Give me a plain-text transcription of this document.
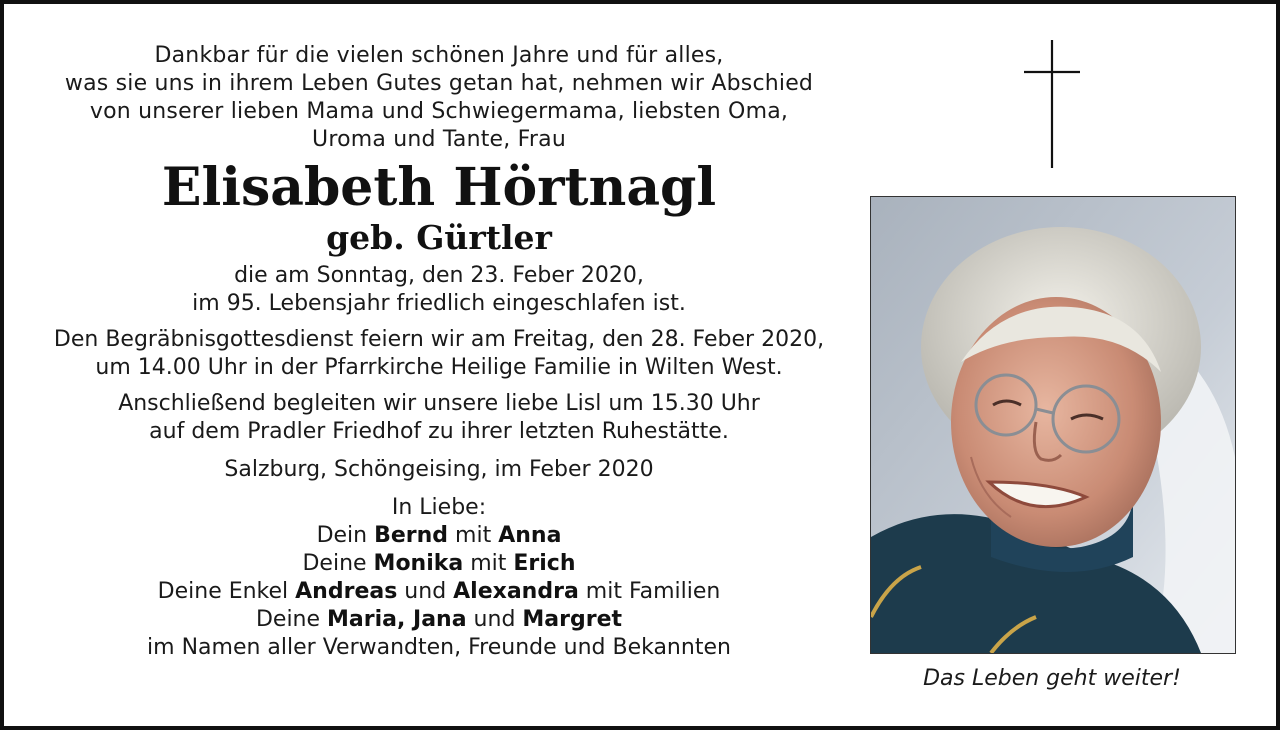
Dankbar für die vielen schönen Jahre und für alles,
was sie uns in ihrem Leben Gutes getan hat, nehmen wir Abschied
von unserer lieben Mama und Schwiegermama, liebsten Oma,
Uroma und Tante, Frau
Elisabeth Hörtnagl
geb. Gürtler
die am Sonntag, den 23. Feber 2020,
im 95. Lebensjahr friedlich eingeschlafen ist.
Den Begräbnisgottesdienst feiern wir am Freitag, den 28. Feber 2020,
um 14.00 Uhr in der Pfarrkirche Heilige Familie in Wilten West.
Anschließend begleiten wir unsere liebe Lisl um 15.30 Uhr
auf dem Pradler Friedhof zu ihrer letzten Ruhestätte.
Salzburg, Schöngeising, im Feber 2020
In Liebe:
Dein Bernd mit Anna
Deine Monika mit Erich
Deine Enkel Andreas und Alexandra mit Familien
Deine Maria, Jana und Margret
im Namen aller Verwandten, Freunde und Bekannten
Das Leben geht weiter!
